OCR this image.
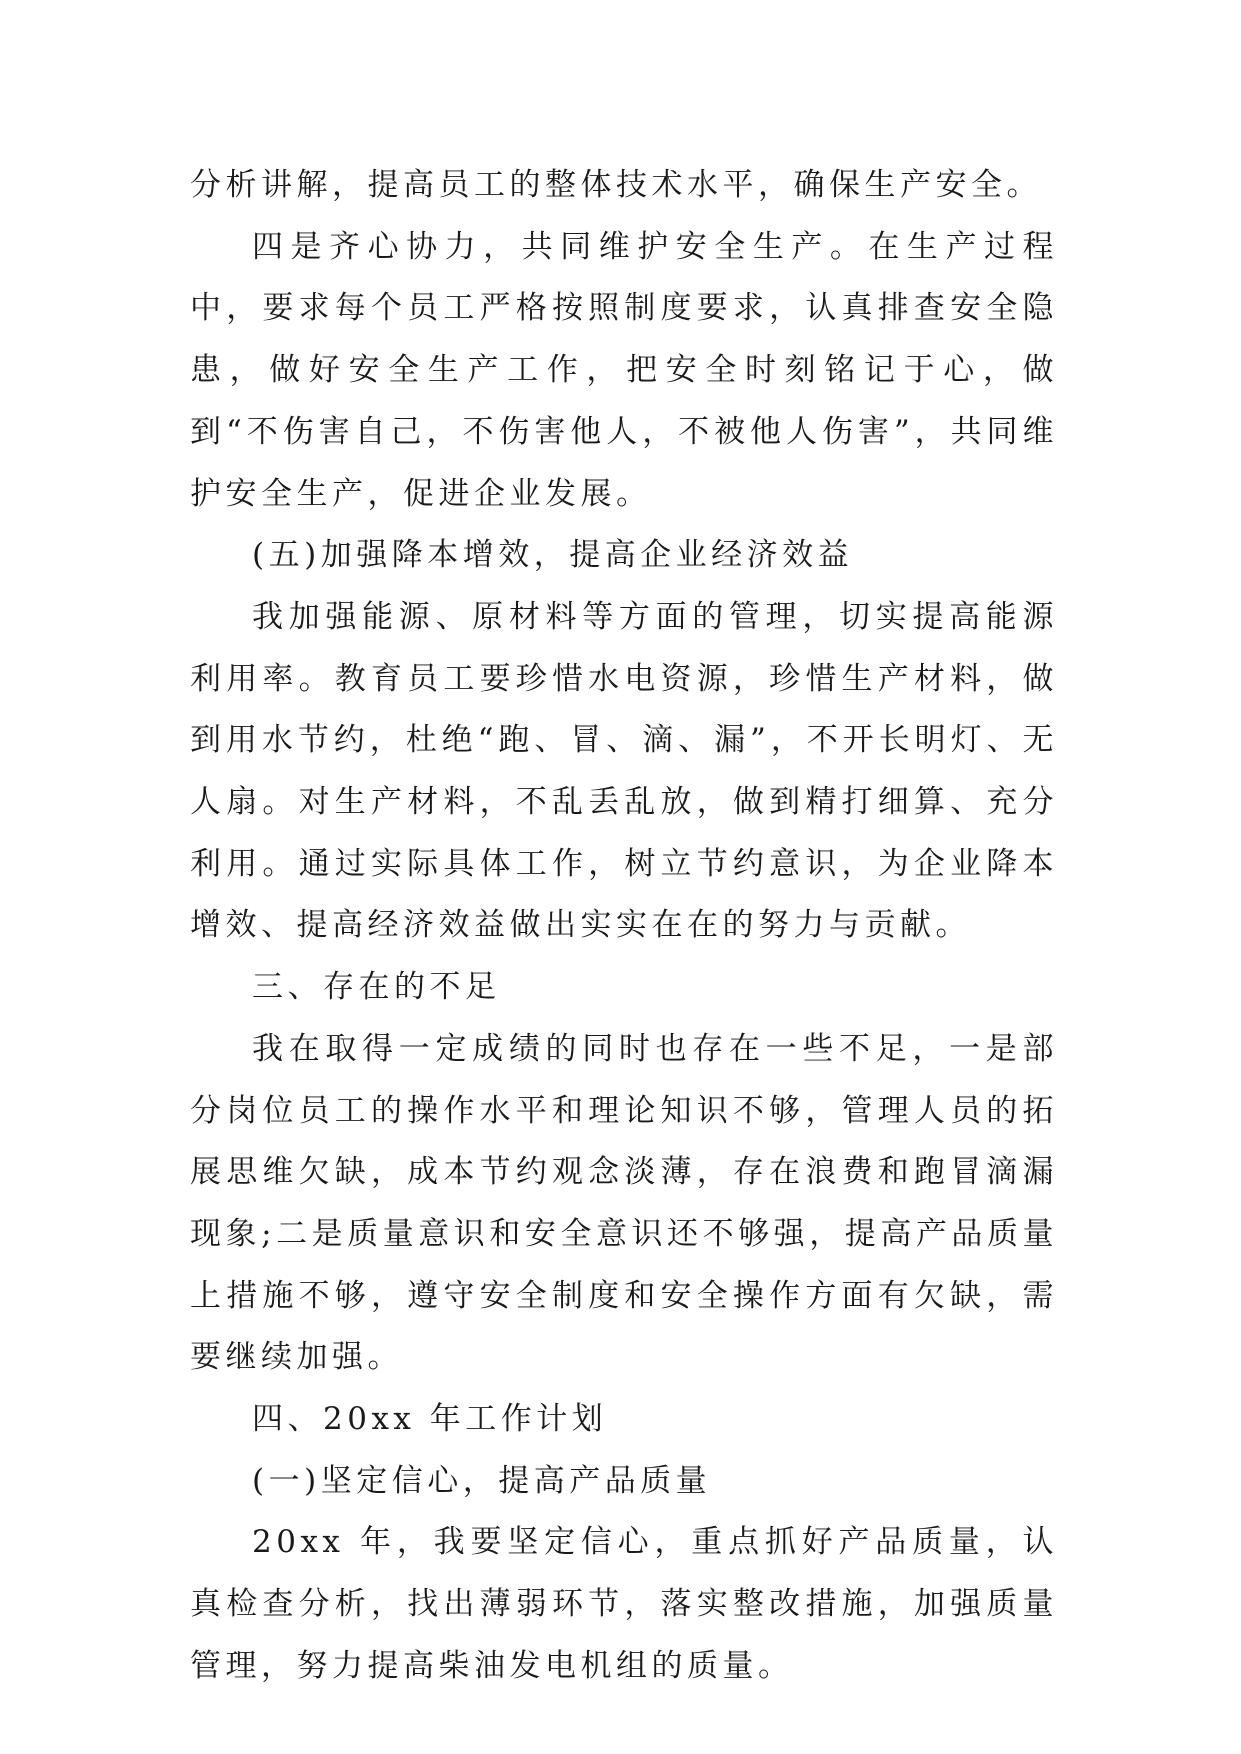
分析讲解，提高员工的整体技术水平，确保生产安全。

四是齐心协力，共同维护安全生产。在生产过程中，要求每个员工严格按照制度要求，认真排查安全隐患，做好安全生产工作，把安全时刻铭记于心，做到“不伤害自己，不伤害他人，不被他人伤害”，共同维护安全生产，促进企业发展。

(五)加强降本增效，提高企业经济效益

我加强能源、原材料等方面的管理，切实提高能源利用率。教育员工要珍惜水电资源，珍惜生产材料，做到用水节约，杜绝“跑、冒、滴、漏”，不开长明灯、无人扇。对生产材料，不乱丢乱放，做到精打细算、充分利用。通过实际具体工作，树立节约意识，为企业降本增效、提高经济效益做出实实在在的努力与贡献。

三、存在的不足

我在取得一定成绩的同时也存在一些不足，一是部分岗位员工的操作水平和理论知识不够，管理人员的拓展思维欠缺，成本节约观念淡薄，存在浪费和跑冒滴漏现象;二是质量意识和安全意识还不够强，提高产品质量上措施不够，遵守安全制度和安全操作方面有欠缺，需要继续加强。

四、20xx 年工作计划

(一)坚定信心，提高产品质量

20xx 年，我要坚定信心，重点抓好产品质量，认真检查分析，找出薄弱环节，落实整改措施，加强质量管理，努力提高柴油发电机组的质量。
